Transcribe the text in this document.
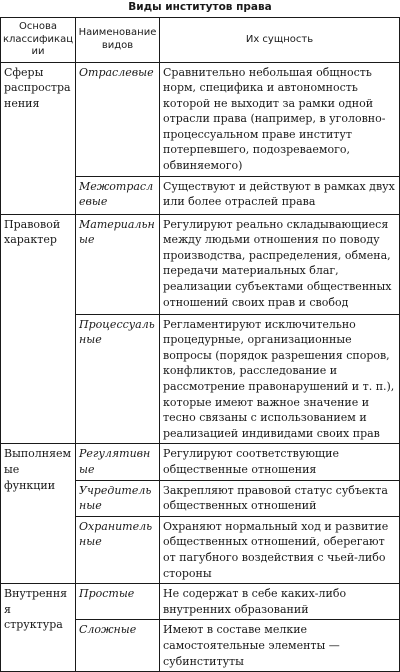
Виды институтов права
Основа классификации	Наименование видов	Их сущность
Сферы распространения	Отраслевые	Сравнительно небольшая общность норм, специфика и автономность которой не выходит за рамки одной отрасли права (например, в уголовно-процессуальном праве институт потерпевшего, подозреваемого, обвиняемого)
	Межотраслевые	Существуют и действуют в рамках двух или более отраслей права
Правовой характер	Материальные	Регулируют реально складывающиеся между людьми отношения по поводу производства, распределения, обмена, передачи материальных благ, реализации субъектами общественных отношений своих прав и свобод
	Процессуальные	Регламентируют исключительно процедурные, организационные вопросы (порядок разрешения споров, конфликтов, расследование и рассмотрение правонарушений и т. п.), которые имеют важное значение и тесно связаны с использованием и реализацией индивидами своих прав
Выполняемые функции	Регулятивные	Регулируют соответствующие общественные отношения
	Учредительные	Закрепляют правовой статус субъекта общественных отношений
	Охранительные	Охраняют нормальный ход и развитие общественных отношений, оберегают от пагубного воздействия с чьей-либо стороны
Внутренняя структура	Простые	Не содержат в себе каких-либо внутренних образований
	Сложные	Имеют в составе мелкие самостоятельные элементы — субинституты
